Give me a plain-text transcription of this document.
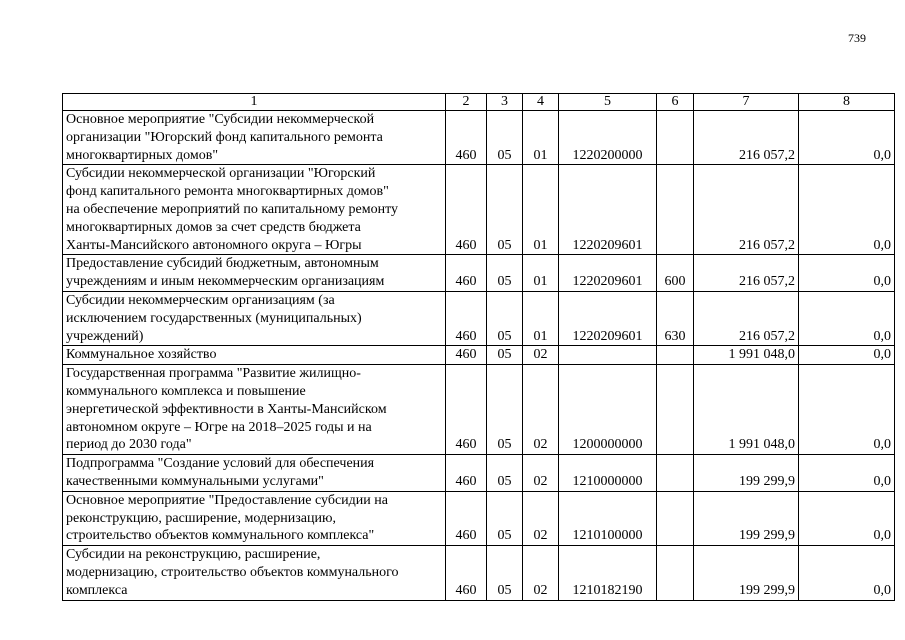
739
1	2	3	4	5	6	7	8
Основное мероприятие "Субсидии некоммерческой
организации "Югорский фонд капитального ремонта
многоквартирных домов"	460	05	01	1220200000		216 057,2	0,0
Субсидии некоммерческой организации "Югорский
фонд капитального ремонта многоквартирных домов"
на обеспечение мероприятий по капитальному ремонту
многоквартирных домов за счет средств бюджета
Ханты-Мансийского автономного округа – Югры	460	05	01	1220209601		216 057,2	0,0
Предоставление субсидий бюджетным, автономным
учреждениям и иным некоммерческим организациям	460	05	01	1220209601	600	216 057,2	0,0
Субсидии некоммерческим организациям (за
исключением государственных (муниципальных)
учреждений)	460	05	01	1220209601	630	216 057,2	0,0
Коммунальное хозяйство	460	05	02			1 991 048,0	0,0
Государственная программа "Развитие жилищно-
коммунального комплекса и повышение
энергетической эффективности в Ханты-Мансийском
автономном округе – Югре на 2018–2025 годы и на
период до 2030 года"	460	05	02	1200000000		1 991 048,0	0,0
Подпрограмма "Создание условий для обеспечения
качественными коммунальными услугами"	460	05	02	1210000000		199 299,9	0,0
Основное мероприятие "Предоставление субсидии на
реконструкцию, расширение, модернизацию,
строительство объектов коммунального комплекса"	460	05	02	1210100000		199 299,9	0,0
Субсидии на реконструкцию, расширение,
модернизацию, строительство объектов коммунального
комплекса	460	05	02	1210182190		199 299,9	0,0
